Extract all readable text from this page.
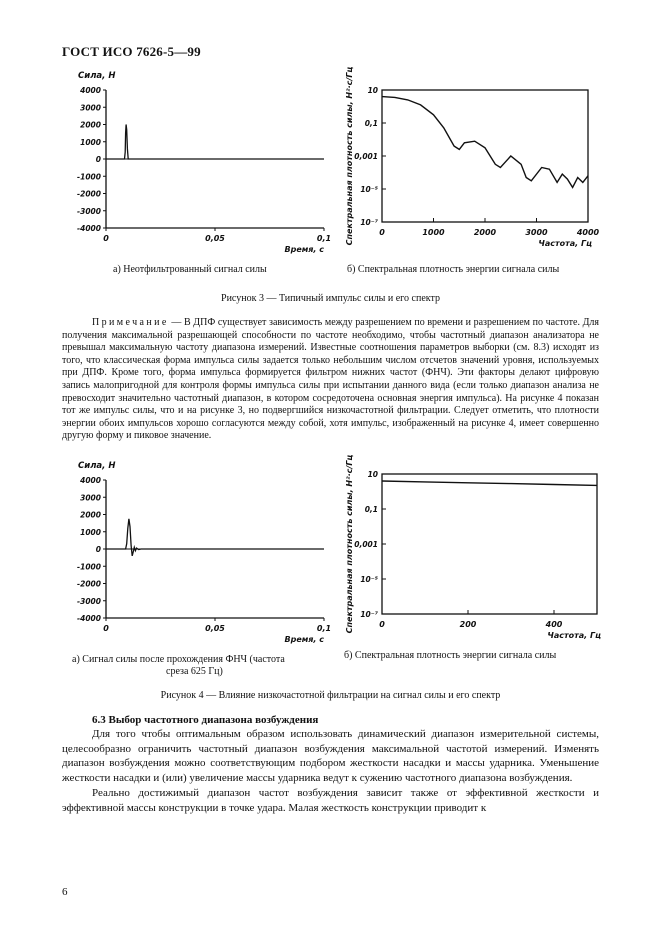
ГОСТ ИСО 7626-5—99
4000
3000
2000
1000
0
-1000
-2000
-3000
-4000
0	0,05	0,1
Сила, Н
Время, с
10
0,1
0,001
10⁻⁵
10⁻⁷
0	1000	2000	3000	4000
Спектральная плотность силы, Н²·с/Гц	Частота, Гц
а) Неотфильтрованный сигнал силы	б) Спектральная плотность энергии сигнала силы
Рисунок 3 — Типичный импульс силы и его спектр
Примечание — В ДПФ существует зависимость между разрешением по времени и разрешением по частоте. Для получения максимальной разрешающей способности по частоте необходимо, чтобы частотный диапазон анализатора не превышал максимальную частоту диапазона измерений. Известные соотношения параметров выборки (см. 8.3) исходят из того, что классическая форма импульса силы задается только небольшим числом отсчетов значений уровня, используемых при ДПФ. Кроме того, форма импульса формируется фильтром нижних частот (ФНЧ). Эти факторы делают цифровую запись малопригодной для контроля формы импульса силы при испытании данного вида (если только диапазон анализа не превосходит значительно частотный диапазон, в котором сосредоточена основная энергия импульса). На рисунке 4 показан тот же импульс силы, что и на рисунке 3, но подвергшийся низкочастотной фильтрации. Следует отметить, что плотности энергии обоих импульсов хорошо согласуются между собой, хотя импульс, изображенный на рисунке 4, имеет совершенно другую форму и пиковое значение.
4000
3000
2000
1000
0
-1000
-2000
-3000
-4000
0	0,05	0,1
Сила, Н
Время, с
10
0,1
0,001
10⁻⁵
10⁻⁷
0	200	400
Спектральная плотность силы, Н²·с/Гц
Частота, Гц
а) Сигнал силы после прохождения ФНЧ (частота
среза 625 Гц)
б) Спектральная плотность энергии сигнала силы
Рисунок 4 — Влияние низкочастотной фильтрации на сигнал силы и его спектр
6.3 Выбор частотного диапазона возбуждения

Для того чтобы оптимальным образом использовать динамический диапазон измерительной системы, целесообразно ограничить частотный диапазон возбуждения максимальной частотой измерений. Изменять диапазон возбуждения можно соответствующим подбором жесткости насадки и массы ударника. Уменьшение жесткости насадки и (или) увеличение массы ударника ведут к сужению частотного диапазона возбуждения.

Реально достижимый диапазон частот возбуждения зависит также от эффективной жесткости и эффективной массы конструкции в точке удара. Малая жесткость конструкции приводит к

6
